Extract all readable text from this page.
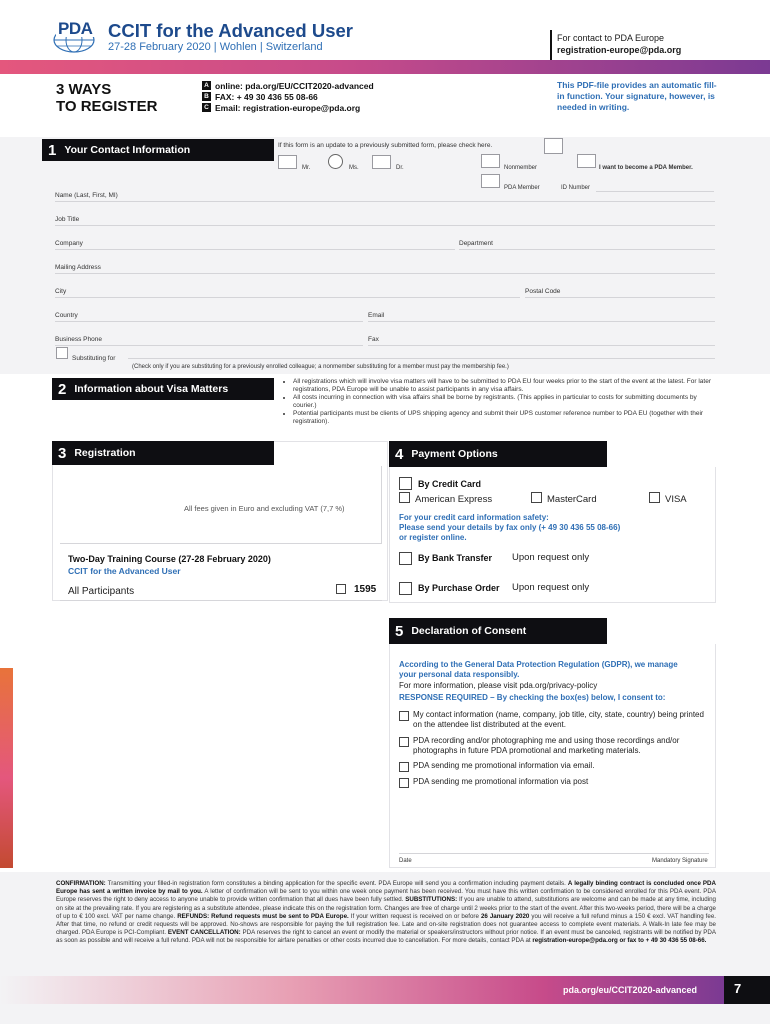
PDA CCIT for the Advanced User
27-28 February 2020 | Wohlen | Switzerland
For contact to PDA Europe
registration-europe@pda.org
3 WAYS
TO REGISTER
A online: pda.org/EU/CCIT2020-advanced
B FAX: + 49 30 436 55 08-66
C Email: registration-europe@pda.org
This PDF-file provides an automatic fill-in function. Your signature, however, is needed in writing.
1 Your Contact Information	If this form is an update to a previously submitted form, please check here.
Mr.	Ms.	Dr.	Nonmember	I want to become a PDA Member.
PDA Member	ID Number
Name (Last, First, MI)
Job Title
Company	Department
Mailing Address
City	Postal Code
Country	Email
Business Phone	Fax
Substituting for
(Check only if you are substituting for a previously enrolled colleague; a nonmember substituting for a member must pay the membership fee.)
2 Information about Visa Matters
• All registrations which will involve visa matters will have to be submitted to PDA EU four weeks prior to the start of the event at the latest. For later registrations, PDA Europe will be unable to assist participants in any visa affairs.
• All costs incurring in connection with visa affairs shall be borne by registrants. (This applies in particular to costs for submitting documents by courier.)
• Potential participants must be clients of UPS shipping agency and submit their UPS customer reference number to PDA EU (together with their registration).
3 Registration
All fees given in Euro and excluding VAT (7,7 %)
Two-Day Training Course (27-28 February 2020)
CCIT for the Advanced User
All Participants	1595
4 Payment Options
By Credit Card
American Express	MasterCard	VISA
For your credit card information safety:
Please send your details by fax only (+ 49 30 436 55 08-66)
or register online.
By Bank Transfer Upon request only
By Purchase Order Upon request only
5 Declaration of Consent
According to the General Data Protection Regulation (GDPR), we manage
your personal data responsibly.
For more information, please visit pda.org/privacy-policy
RESPONSE REQUIRED – By checking the box(es) below, I consent to:
My contact information (name, company, job title, city, state, country) being printed on the attendee list distributed at the event.
PDA recording and/or photographing me and using those recordings and/or photographs in future PDA promotional and marketing materials.
PDA sending me promotional information via email.
PDA sending me promotional information via post
Date	Mandatory Signature
CONFIRMATION: Transmitting your filled-in registration form constitutes a binding application for the specific event. PDA Europe will send you a confirmation including payment details. A legally binding contract is concluded once PDA Europe has sent a written invoice by mail to you. A letter of confirmation will be sent to you within one week once payment has been received. You must have this written confirmation to be considered enrolled for this PDA event. PDA Europe reserves the right to deny access to anyone unable to provide written confirmation that all dues have been fully settled. SUBSTITUTIONS: If you are unable to attend, substitutions are welcome and can be made at any time, including on site at the prevailing rate. If you are registering as a substitute attendee, please indicate this on the registration form. Changes are free of charge until 2 weeks prior to the start of the event. After this two-weeks period, there will be a charge of up to € 100 excl. VAT per name change. REFUNDS: Refund requests must be sent to PDA Europe. If your written request is received on or before 26 January 2020 you will receive a full refund minus a 150 € excl. VAT handling fee. After that time, no refund or credit requests will be approved. No-shows are responsible for paying the full registration fee. Late and on-site registration does not guarantee access to complete event materials. A Walk-In late fee may be charged. PDA Europe is PCI-Compliant. EVENT CANCELLATION: PDA reserves the right to cancel an event or modify the material or speakers/instructors without prior notice. If an event must be canceled, registrants will be notified by PDA as soon as possible and will receive a full refund. PDA will not be responsible for airfare penalties or other costs incurred due to cancellation. For more details, contact PDA at registration-europe@pda.org or fax to + 49 30 436 55 08-66.
pda.org/eu/CCIT2020-advanced	7
